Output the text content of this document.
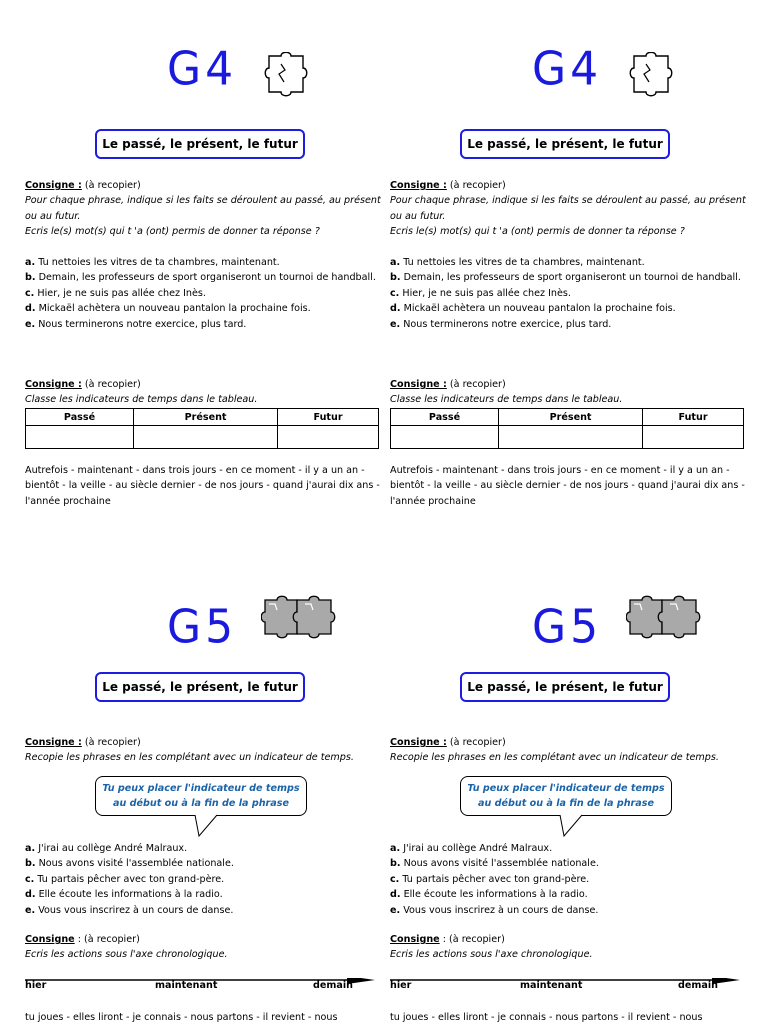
G4
Le passé, le présent, le futur
Consigne : (à recopier)
Pour chaque phrase, indique si les faits se déroulent au passé, au présent ou au futur.
Ecris le(s) mot(s) qui t 'a (ont) permis de donner ta réponse ?
a. Tu nettoies les vitres de ta chambres, maintenant.
b. Demain, les professeurs de sport organiseront un tournoi de handball.
c. Hier, je ne suis pas allée chez Inès.
d. Mickaël achètera un nouveau pantalon la prochaine fois.
e. Nous terminerons notre exercice, plus tard.
Consigne : (à recopier)
Classe les indicateurs de temps dans le tableau.
Passé	Présent	Futur

Autrefois - maintenant - dans trois jours - en ce moment - il y a un an - bientôt - la veille - au siècle dernier - de nos jours - quand j'aurai dix ans - l'année prochaine
G4
Le passé, le présent, le futur
Consigne : (à recopier)
Pour chaque phrase, indique si les faits se déroulent au passé, au présent ou au futur.
Ecris le(s) mot(s) qui t 'a (ont) permis de donner ta réponse ?
a. Tu nettoies les vitres de ta chambres, maintenant.
b. Demain, les professeurs de sport organiseront un tournoi de handball.
c. Hier, je ne suis pas allée chez Inès.
d. Mickaël achètera un nouveau pantalon la prochaine fois.
e. Nous terminerons notre exercice, plus tard.
Consigne : (à recopier)
Classe les indicateurs de temps dans le tableau.
Passé	Présent	Futur

Autrefois - maintenant - dans trois jours - en ce moment - il y a un an - bientôt - la veille - au siècle dernier - de nos jours - quand j'aurai dix ans - l'année prochaine
G5
Le passé, le présent, le futur
Consigne : (à recopier)
Recopie les phrases en les complétant avec un indicateur de temps.
Tu peux placer l'indicateur de temps
au début ou à la fin de la phrase
a. J'irai au collège André Malraux.
b. Nous avons visité l'assemblée nationale.
c. Tu partais pêcher avec ton grand-père.
d. Elle écoute les informations à la radio.
e. Vous vous inscrirez à un cours de danse.
Consigne : (à recopier)
Ecris les actions sous l'axe chronologique.
hier	maintenant	demain
tu joues - elles liront - je connais - nous partons - il revient - nous
G5
Le passé, le présent, le futur
Consigne : (à recopier)
Recopie les phrases en les complétant avec un indicateur de temps.
Tu peux placer l'indicateur de temps
au début ou à la fin de la phrase
a. J'irai au collège André Malraux.
b. Nous avons visité l'assemblée nationale.
c. Tu partais pêcher avec ton grand-père.
d. Elle écoute les informations à la radio.
e. Vous vous inscrirez à un cours de danse.
Consigne : (à recopier)
Ecris les actions sous l'axe chronologique.
hier	maintenant	demain
tu joues - elles liront - je connais - nous partons - il revient - nous
